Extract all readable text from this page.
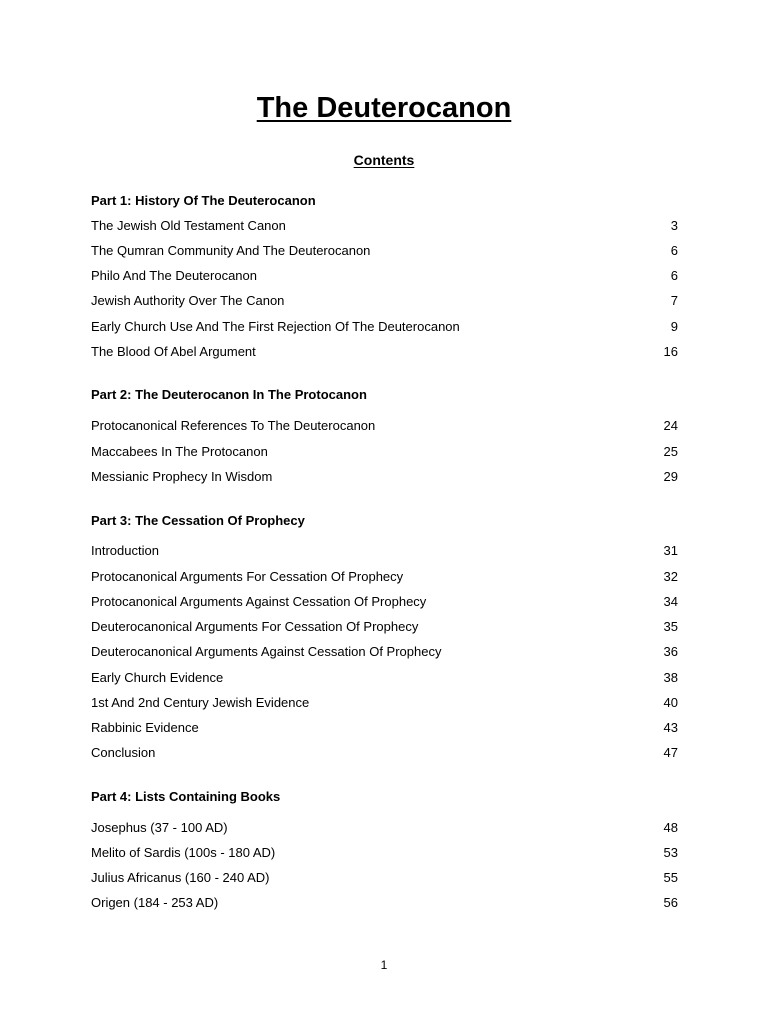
The Deuterocanon
Contents
Part 1: History Of The Deuterocanon
The Jewish Old Testament Canon	3
The Qumran Community And The Deuterocanon	6
Philo And The Deuterocanon	6
Jewish Authority Over The Canon	7
Early Church Use And The First Rejection Of The Deuterocanon	9
The Blood Of Abel Argument	16
Part 2: The Deuterocanon In The Protocanon
Protocanonical References To The Deuterocanon	24
Maccabees In The Protocanon	25
Messianic Prophecy In Wisdom	29
Part 3: The Cessation Of Prophecy
Introduction	31
Protocanonical Arguments For Cessation Of Prophecy	32
Protocanonical Arguments Against Cessation Of Prophecy	34
Deuterocanonical Arguments For Cessation Of Prophecy	35
Deuterocanonical Arguments Against Cessation Of Prophecy	36
Early Church Evidence	38
1st And 2nd Century Jewish Evidence	40
Rabbinic Evidence	43
Conclusion	47
Part 4: Lists Containing Books
Josephus (37 - 100 AD)	48
Melito of Sardis (100s - 180 AD)	53
Julius Africanus (160 - 240 AD)	55
Origen (184 - 253 AD)	56
1
